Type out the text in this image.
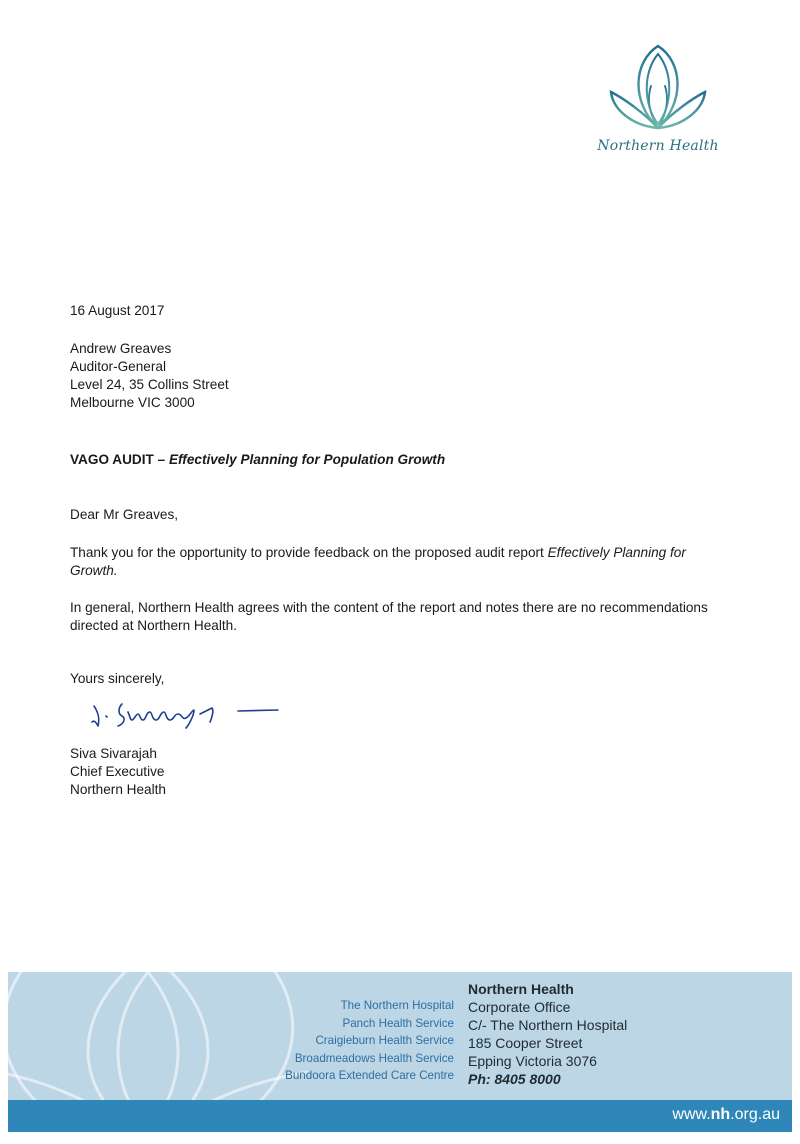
Northern Health

16 August 2017

Andrew Greaves

Auditor-General

Level 24, 35 Collins Street

Melbourne VIC 3000

VAGO AUDIT – Effectively Planning for Population Growth
Dear Mr Greaves,
Thank you for the opportunity to provide feedback on the proposed audit report Effectively Planning for Growth.
In general, Northern Health agrees with the content of the report and notes there are no recommendations directed at Northern Health.
Yours sincerely,
Siva Sivarajah
Chief Executive
Northern Health
The Northern Hospital
Panch Health Service
Craigieburn Health Service
Broadmeadows Health Service
Bundoora Extended Care Centre
Northern Health
Corporate Office
C/- The Northern Hospital
185 Cooper Street
Epping Victoria 3076
Ph: 8405 8000
www.nh.org.au
